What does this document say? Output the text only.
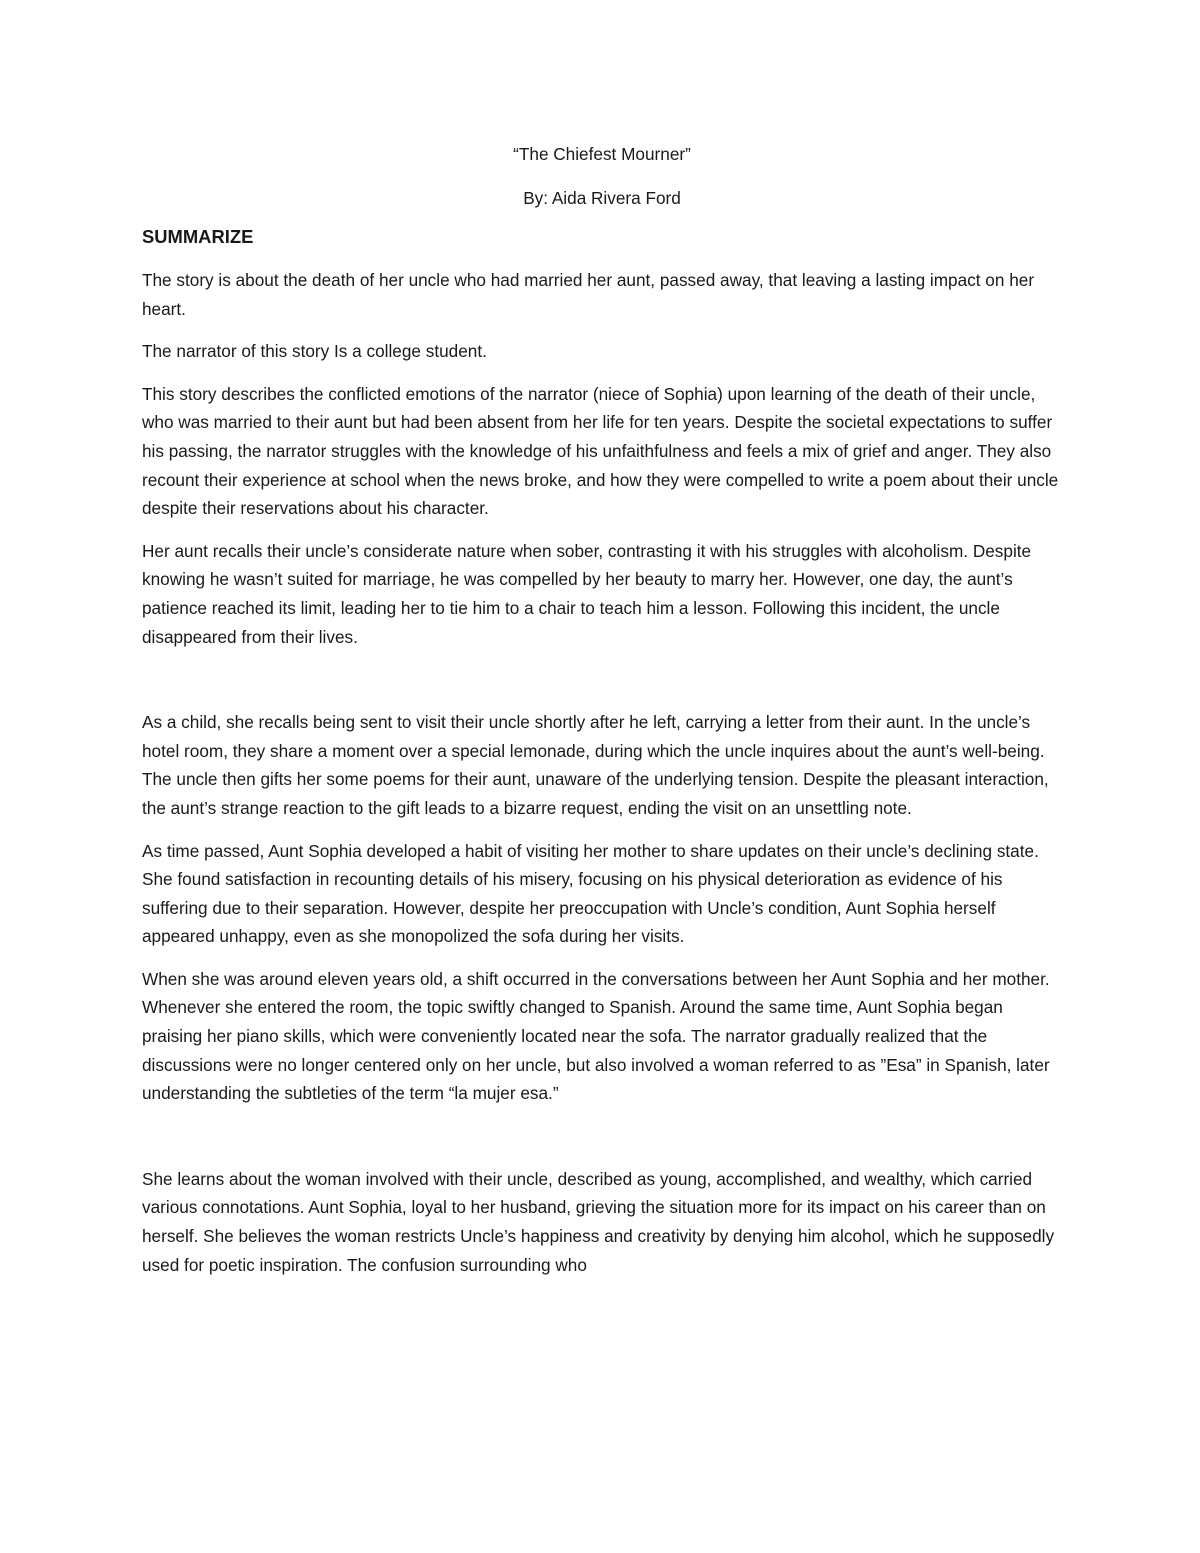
“The Chiefest Mourner”

By: Aida Rivera Ford

SUMMARIZE

The story is about the death of her uncle who had married her aunt, passed away, that leaving a lasting impact on her heart.

The narrator of this story Is a college student.

This story describes the conflicted emotions of the narrator (niece of Sophia) upon learning of the death of their uncle, who was married to their aunt but had been absent from her life for ten years. Despite the societal expectations to suffer his passing, the narrator struggles with the knowledge of his unfaithfulness and feels a mix of grief and anger. They also recount their experience at school when the news broke, and how they were compelled to write a poem about their uncle despite their reservations about his character.

Her aunt recalls their uncle’s considerate nature when sober, contrasting it with his struggles with alcoholism. Despite knowing he wasn’t suited for marriage, he was compelled by her beauty to marry her. However, one day, the aunt’s patience reached its limit, leading her to tie him to a chair to teach him a lesson. Following this incident, the uncle disappeared from their lives.

As a child, she recalls being sent to visit their uncle shortly after he left, carrying a letter from their aunt. In the uncle’s hotel room, they share a moment over a special lemonade, during which the uncle inquires about the aunt’s well-being. The uncle then gifts her some poems for their aunt, unaware of the underlying tension. Despite the pleasant interaction, the aunt’s strange reaction to the gift leads to a bizarre request, ending the visit on an unsettling note.

As time passed, Aunt Sophia developed a habit of visiting her mother to share updates on their uncle’s declining state. She found satisfaction in recounting details of his misery, focusing on his physical deterioration as evidence of his suffering due to their separation. However, despite her preoccupation with Uncle’s condition, Aunt Sophia herself appeared unhappy, even as she monopolized the sofa during her visits.

When she was around eleven years old, a shift occurred in the conversations between her Aunt Sophia and her mother. Whenever she entered the room, the topic swiftly changed to Spanish. Around the same time, Aunt Sophia began praising her piano skills, which were conveniently located near the sofa. The narrator gradually realized that the discussions were no longer centered only on her uncle, but also involved a woman referred to as ”Esa” in Spanish, later understanding the subtleties of the term “la mujer esa.”

She learns about the woman involved with their uncle, described as young, accomplished, and wealthy, which carried various connotations. Aunt Sophia, loyal to her husband, grieving the situation more for its impact on his career than on herself. She believes the woman restricts Uncle’s happiness and creativity by denying him alcohol, which he supposedly used for poetic inspiration. The confusion surrounding who
